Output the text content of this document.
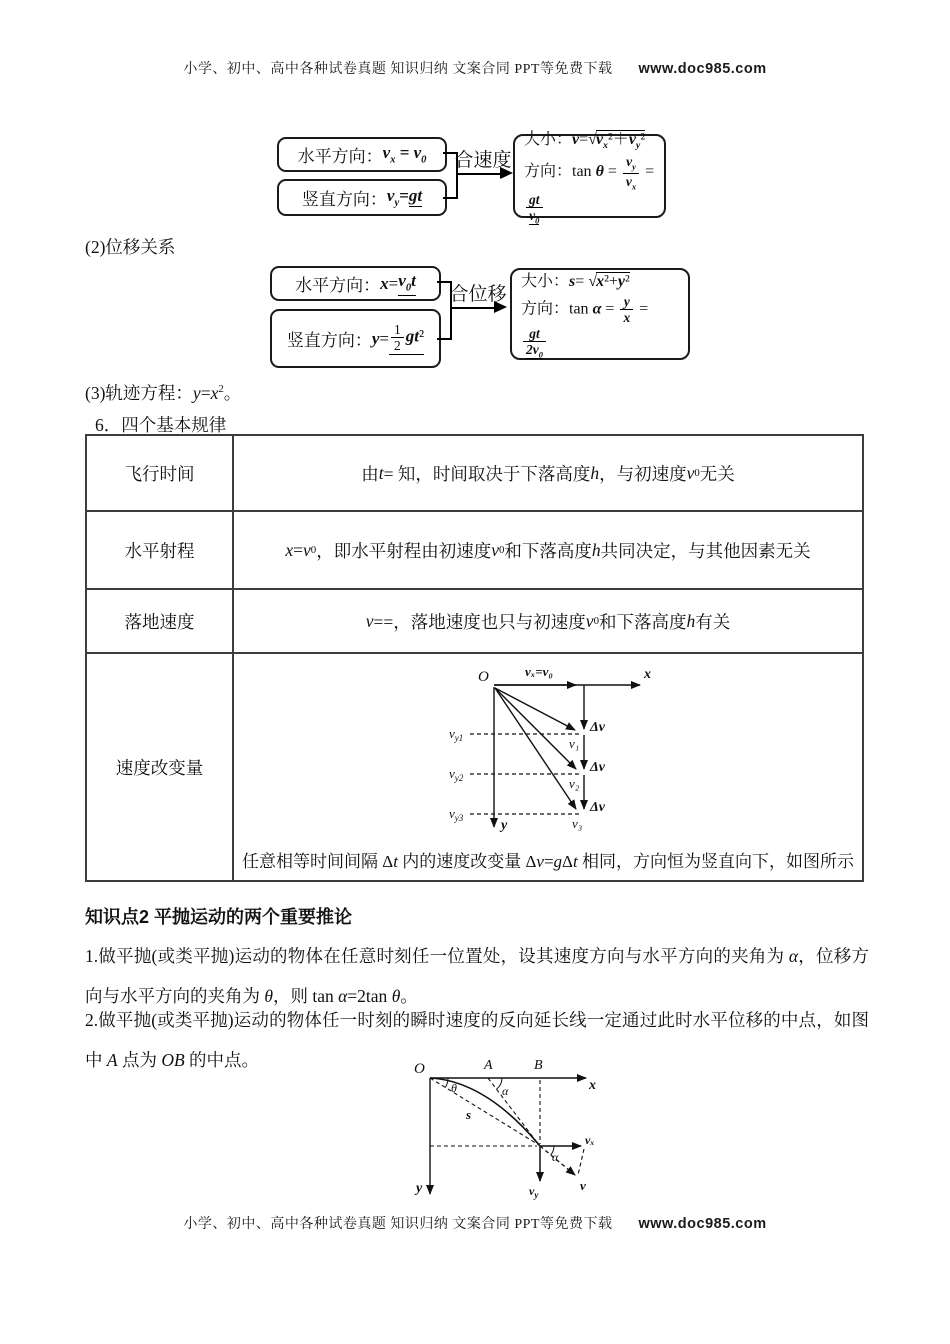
小学、初中、高中各种试卷真题 知识归纳 文案合同 PPT等免费下载 www.doc985.com
水平方向： $v_x = v_0$
竖直方向： $v_y=gt$
合速度
大小：$v=√v_x^2+v_y^2$
方向：$\tan \theta = \frac{v_y}{v_x}$ =
$\frac{gt}{v_0}$
(2)位移关系
水平方向： $x = v_0t$
竖直方向： $y = \frac{1}{2} gt^2$
合位移
大小：s= √x²+y²
方向：$\tan \alpha = \frac{y}{x}$ =
$\frac{gt}{2v_0}$
(3)轨迹方程：$y=x^2$。
6．四个基本规律
飞行时间	由 t = 知，时间取决于下落高度 h ，与初速度 v 0 无关
水平射程	x = v 0 ，即水平射程由初速度 v 0 和下落高度 h 共同决定，与其他因素无关
落地速度	v ==，落地速度也只与初速度 v 0 和下落高度 h 有关
速度改变量
O	vₓ=v₀	x
y
$v_{y1}$
$v_{y2}$
$v_{y3}$
Δv
Δv
Δv
v₁
v₂
v₃
任意相等时间间隔 Δt 内的速度改变量 Δv=gΔt 相同，方向恒为竖直向下，如图所示
知识点2 平抛运动的两个重要推论
1.做平抛(或类平抛)运动的物体在任意时刻任一位置处，设其速度方向与水平方向的夹角为 α，位移方向与水平方向的夹角为 θ，则 tan α=2tan θ。
2.做平抛(或类平抛)运动的物体任一时刻的瞬时速度的反向延长线一定通过此时水平位移的中点，如图中 A 点为 OB 的中点。	O	A	B
x
y
θ	α
s
vₓ
α
$v_y$
v
小学、初中、高中各种试卷真题 知识归纳 文案合同 PPT等免费下载 www.doc985.com
